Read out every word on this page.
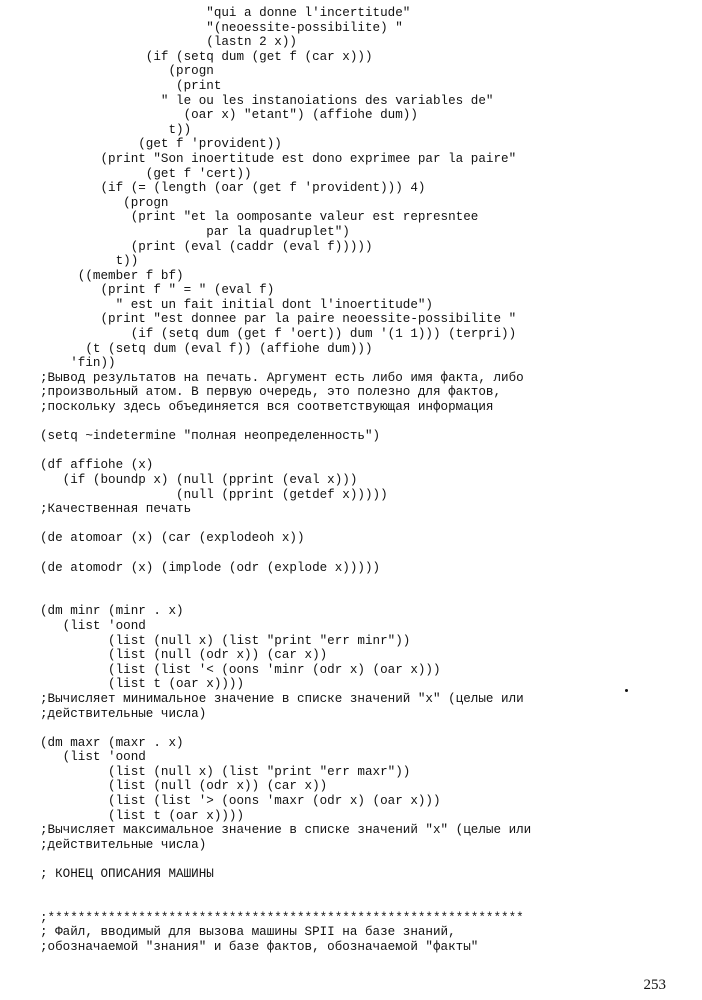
"qui a donne l'incertitude"
"(neoessite-possibilite) "
(lastn 2 x))
(if (setq dum (get f (car x)))
(progn
(print
" le ou les instanoiations des variables de"
(oar x) "etant") (affiohe dum))
t))
(get f 'provident))
(print "Son inoertitude est dono exprimee par la paire"
(get f 'cert))
(if (= (length (oar (get f 'provident))) 4)
(progn
(print "et la oomposante valeur est represntee
par la quadruplet")
(print (eval (caddr (eval f)))))
t))
((member f bf)
(print f " = " (eval f)
" est un fait initial dont l'inoertitude")
(print "est donnee par la paire neoessite-possibilite "
(if (setq dum (get f 'oert)) dum '(1 1))) (terpri))
(t (setq dum (eval f)) (affiohe dum)))
'fin))
;Вывод результатов на печать. Аргумент есть либо имя факта, либо
;произвольный атом. В первую очередь, это полезно для фактов,
;поскольку здесь объединяется вся соответствующая информация
(setq ~indetermine "полная неопределенность")
(df affiohe (x)
(if (boundp x) (null (pprint (eval x)))
(null (pprint (getdef x)))))
;Качественная печать
(de atomoar (x) (car (explodeoh x))
(de atomodr (x) (implode (odr (explode x)))))
(dm minr (minr . x)
(list 'oond
(list (null x) (list "print "err minr"))
(list (null (odr x)) (car x))
(list (list '< (oons 'minr (odr x) (oar x)))
(list t (oar x))))
;Вычисляет минимальное значение в списке значений "x" (целые или
;действительные числа)
(dm maxr (maxr . x)
(list 'oond
(list (null x) (list "print "err maxr"))
(list (null (odr x)) (car x))
(list (list '> (oons 'maxr (odr x) (oar x)))
(list t (oar x))))
;Вычисляет максимальное значение в списке значений "x" (целые или
;действительные числа)
; КОНЕЦ ОПИСАНИЯ МАШИНЫ
;***************************************************************
; Файл, вводимый для вызова машины SPII на базе знаний,
;обозначаемой "знания" и базе фактов, обозначаемой "факты"
253
